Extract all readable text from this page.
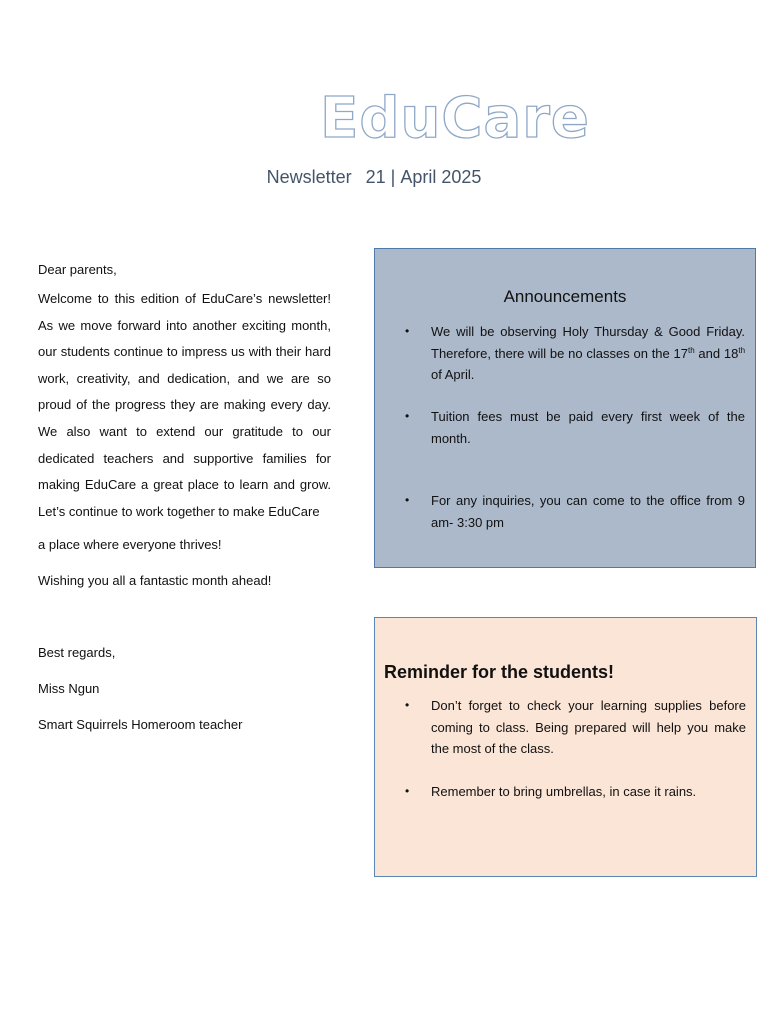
EduCare
Newsletter 21 | April 2025

Dear parents,

Welcome to this edition of EduCare’s newsletter! As we move forward into another exciting month, our students continue to impress us with their hard work, creativity, and dedication, and we are so proud of the progress they are making every day. We also want to extend our gratitude to our dedicated teachers and supportive families for making EduCare a great place to learn and grow. Let’s continue to work together to make EduCare

a place where everyone thrives!

Wishing you all a fantastic month ahead!

Best regards,

Miss Ngun

Smart Squirrels Homeroom teacher

Announcements
• We will be observing Holy Thursday & Good Friday. Therefore, there will be no classes on the 17th and 18th of April.
• Tuition fees must be paid every first week of the month.
• For any inquiries, you can come to the office from 9 am- 3:30 pm
Reminder for the students!
• Don’t forget to check your learning supplies before coming to class. Being prepared will help you make the most of the class.
• Remember to bring umbrellas, in case it rains.
